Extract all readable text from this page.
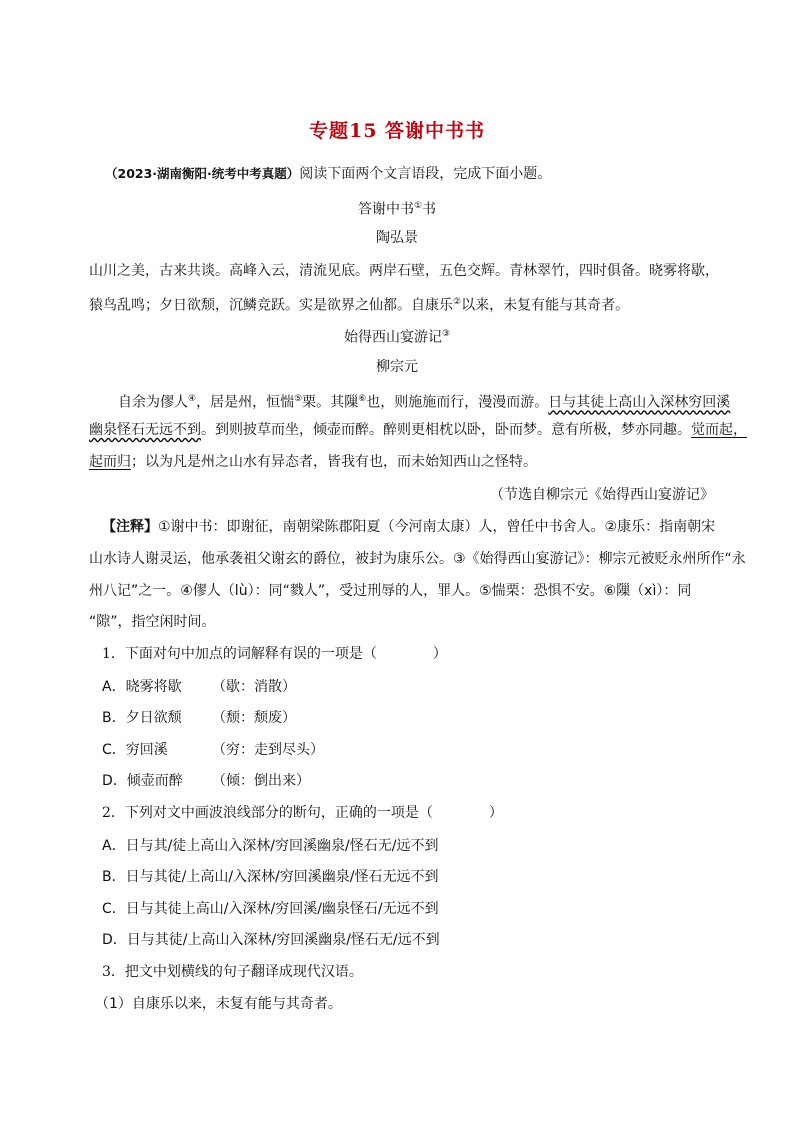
专题15 答谢中书书
（2023·湖南衡阳·统考中考真题）阅读下面两个文言语段，完成下面小题。
答谢中书①书
陶弘景
山川之美，古来共谈。高峰入云，清流见底。两岸石壁，五色交辉。青林翠竹，四时俱备。晓雾将歇，
猿鸟乱鸣；夕日欲颓，沉鳞竞跃。实是欲界之仙都。自康乐②以来，未复有能与其奇者。
始得西山宴游记③
柳宗元
自余为僇人④，居是州，恒惴⑤栗。其隟⑥也，则施施而行，漫漫而游。日与其徒上高山入深林穷回溪
幽泉怪石无远不到。到则披草而坐，倾壶而醉。醉则更相枕以卧，卧而梦。意有所极，梦亦同趣。觉而起，
起而归；以为凡是州之山水有异态者，皆我有也，而未始知西山之怪特。
（节选自柳宗元《始得西山宴游记》
【注释】①谢中书：即谢征，南朝梁陈郡阳夏（今河南太康）人，曾任中书舍人。②康乐：指南朝宋
山水诗人谢灵运，他承袭祖父谢玄的爵位，被封为康乐公。③《始得西山宴游记》：柳宗元被贬永州所作“永
州八记”之一。④僇人（lù）：同“戮人”，受过刑辱的人，罪人。⑤惴栗：恐惧不安。⑥隟（xì）：同
“隙”，指空闲时间。
1．下面对句中加点的词解释有误的一项是（　　　　）
A．晓雾将歇 （歇：消散）
B．夕日欲颓 （颓：颓废）
C．穷回溪	（穷：走到尽头）
D．倾壶而醉 （倾：倒出来）
2．下列对文中画波浪线部分的断句，正确的一项是（　　　　）
A．日与其/徒上高山入深林/穷回溪幽泉/怪石无/远不到
B．日与其徒/上高山/入深林/穷回溪幽泉/怪石无远不到
C．日与其徒上高山/入深林/穷回溪/幽泉怪石/无远不到
D．日与其徒/上高山入深林/穷回溪幽泉/怪石无/远不到
3．把文中划横线的句子翻译成现代汉语。
（1）自康乐以来，未复有能与其奇者。
